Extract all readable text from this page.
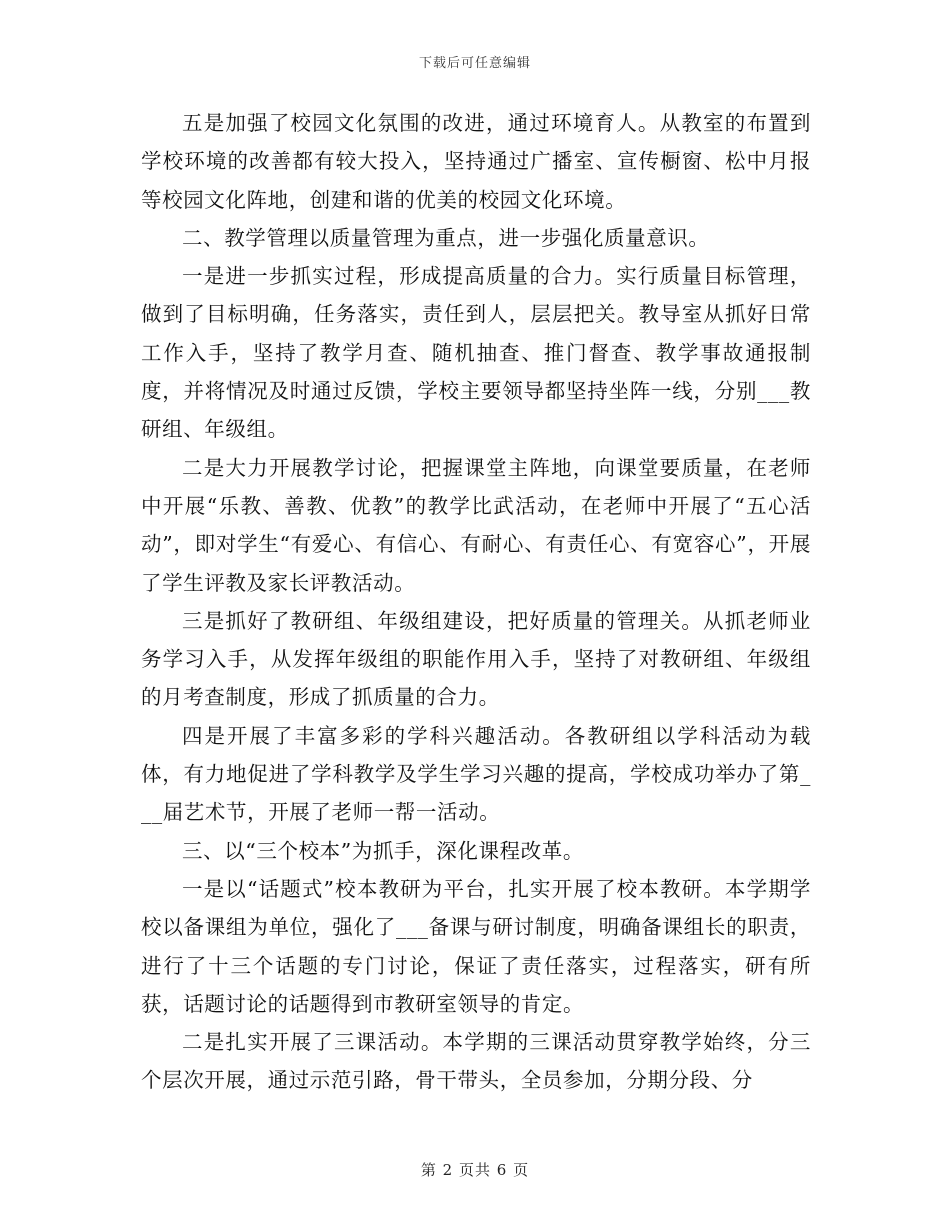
下载后可任意编辑

五是加强了校园文化氛围的改进，通过环境育人。从教室的布置到学校环境的改善都有较大投入，坚持通过广播室、宣传橱窗、松中月报等校园文化阵地，创建和谐的优美的校园文化环境。

二、教学管理以质量管理为重点，进一步强化质量意识。

一是进一步抓实过程，形成提高质量的合力。实行质量目标管理，做到了目标明确，任务落实，责任到人，层层把关。教导室从抓好日常工作入手，坚持了教学月查、随机抽查、推门督查、教学事故通报制度，并将情况及时通过反馈，学校主要领导都坚持坐阵一线，分别___教研组、年级组。

二是大力开展教学讨论，把握课堂主阵地，向课堂要质量，在老师中开展“乐教、善教、优教”的教学比武活动，在老师中开展了“五心活动”，即对学生“有爱心、有信心、有耐心、有责任心、有宽容心”，开展了学生评教及家长评教活动。

三是抓好了教研组、年级组建设，把好质量的管理关。从抓老师业务学习入手，从发挥年级组的职能作用入手，坚持了对教研组、年级组的月考查制度，形成了抓质量的合力。

四是开展了丰富多彩的学科兴趣活动。各教研组以学科活动为载体，有力地促进了学科教学及学生学习兴趣的提高，学校成功举办了第___届艺术节，开展了老师一帮一活动。

三、以“三个校本”为抓手，深化课程改革。

一是以“话题式”校本教研为平台，扎实开展了校本教研。本学期学校以备课组为单位，强化了___备课与研讨制度，明确备课组长的职责，进行了十三个话题的专门讨论，保证了责任落实，过程落实，研有所获，话题讨论的话题得到市教研室领导的肯定。

二是扎实开展了三课活动。本学期的三课活动贯穿教学始终，分三个层次开展，通过示范引路，骨干带头，全员参加，分期分段、分

第 2 页共 6 页
